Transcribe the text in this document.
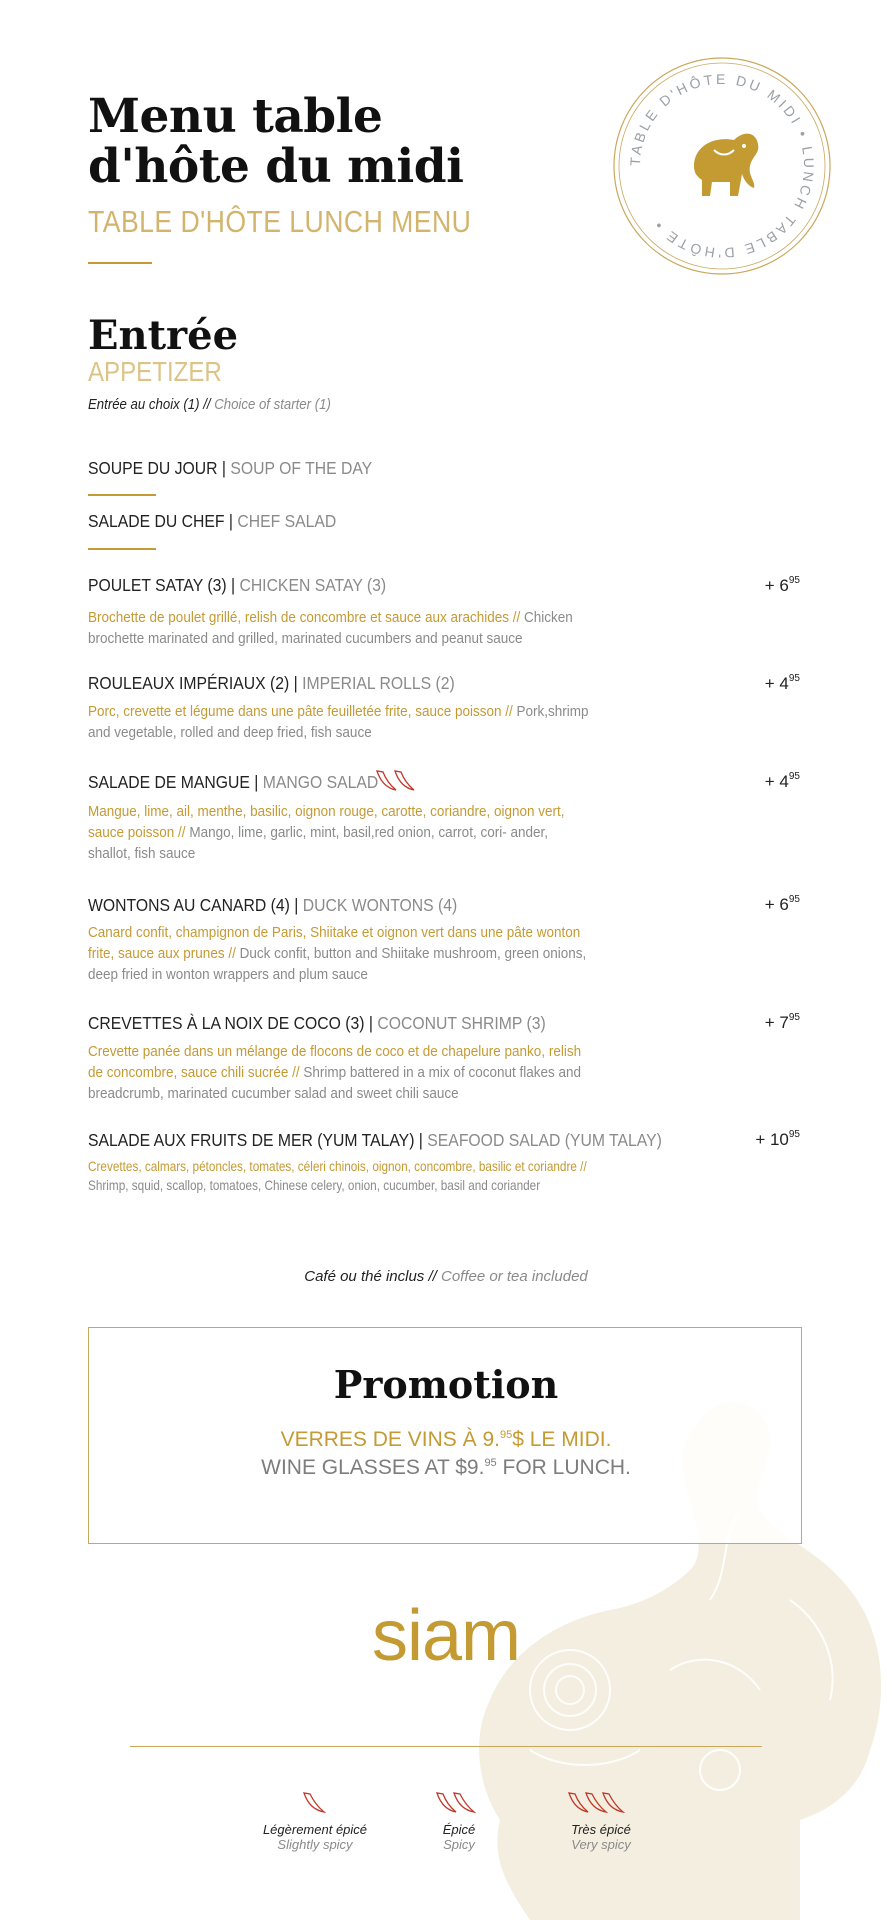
Menu table
d'hôte du midi
TABLE D'HÔTE LUNCH MENU
TABLE D'HÔTE DU MIDI • LUNCH TABLE D'HÔTE •
Entrée
APPETIZER
Entrée au choix (1) // Choice of starter (1)
SOUPE DU JOUR | SOUP OF THE DAY
SALADE DU CHEF | CHEF SALAD
POULET SATAY (3) | CHICKEN SATAY (3)	+ $6^{95}$
Brochette de poulet grillé, relish de concombre et sauce aux arachides // Chicken brochette marinated and grilled, marinated cucumbers and peanut sauce
ROULEAUX IMPÉRIAUX (2) | IMPERIAL ROLLS (2)	+ $4^{95}$
Porc, crevette et légume dans une pâte feuilletée frite, sauce poisson // Pork,shrimp and vegetable, rolled and deep fried, fish sauce
SALADE DE MANGUE | MANGO SALAD	+ $4^{95}$
Mangue, lime, ail, menthe, basilic, oignon rouge, carotte, coriandre, oignon vert, sauce poisson // Mango, lime, garlic, mint, basil,red onion, carrot, cori- ander, shallot, fish sauce
WONTONS AU CANARD (4) | DUCK WONTONS (4)	+ $6^{95}$
Canard confit, champignon de Paris, Shiitake et oignon vert dans une pâte wonton frite, sauce aux prunes // Duck confit, button and Shiitake mushroom, green onions, deep fried in wonton wrappers and plum sauce
CREVETTES À LA NOIX DE COCO (3) | COCONUT SHRIMP (3)	+ $7^{95}$
Crevette panée dans un mélange de flocons de coco et de chapelure panko, relish de concombre, sauce chili sucrée // Shrimp battered in a mix of coconut flakes and breadcrumb, marinated cucumber salad and sweet chili sauce
SALADE AUX FRUITS DE MER (YUM TALAY) | SEAFOOD SALAD (YUM TALAY)	+ $10^{95}$
Crevettes, calmars, pétoncles, tomates, céleri chinois, oignon, concombre, basilic et coriandre // Shrimp, squid, scallop, tomatoes, Chinese celery, onion, cucumber, basil and coriander
Café ou thé inclus // Coffee or tea included
Promotion
VERRES DE VINS À 9.95$ LE MIDI.
WINE GLASSES AT $9.95 FOR LUNCH.
siam
Légèrement épicé
Slightly spicy
Épicé
Spicy
Très épicé
Very spicy
